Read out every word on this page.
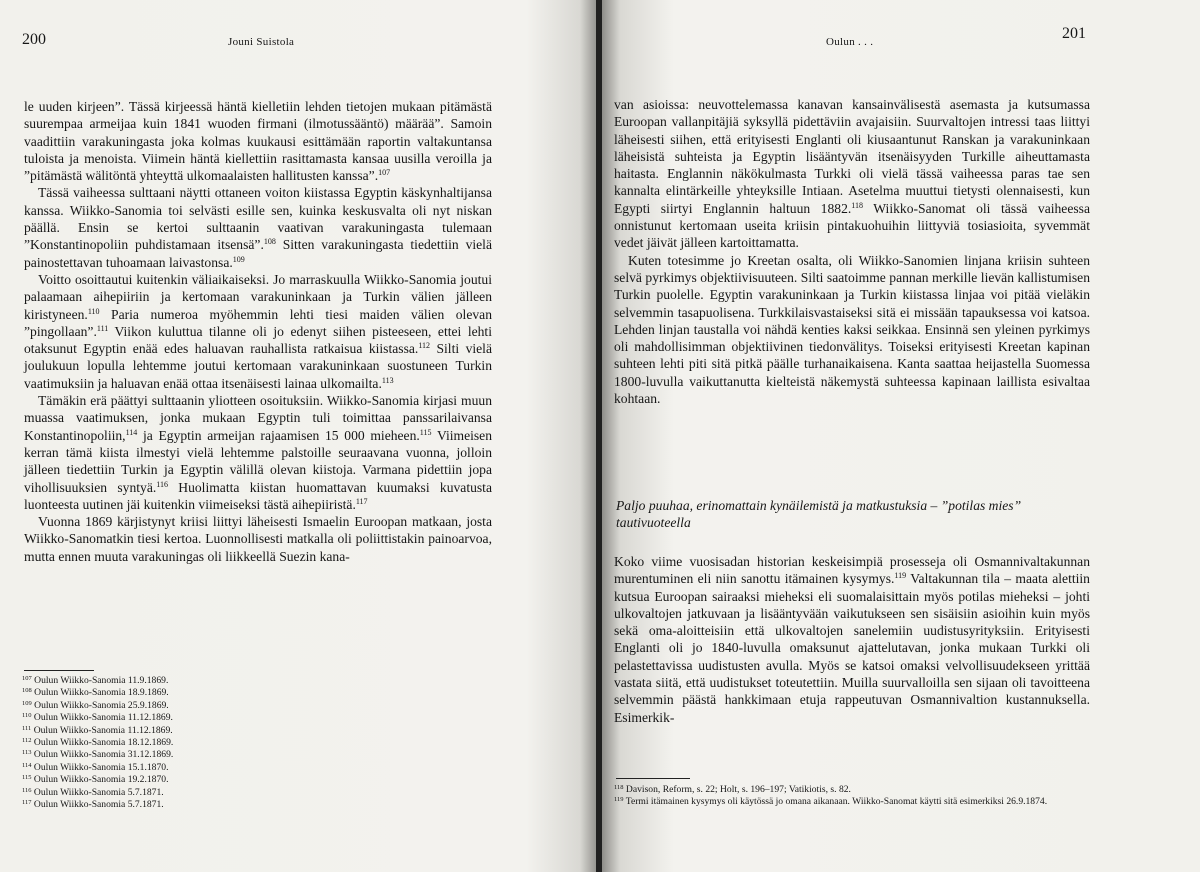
200	Jouni Suistola

le uuden kirjeen”. Tässä kirjeessä häntä kielletiin lehden tietojen mukaan pitämästä suurempaa armeijaa kuin 1841 wuoden firmani (ilmotussääntö) määrää”. Samoin vaadittiin varakuningasta joka kolmas kuukausi esittämään raportin valtakuntansa tuloista ja menoista. Viimein häntä kiellettiin rasittamasta kansaa uusilla veroilla ja ”pitämästä wälitöntä yhteyttä ulkomaalaisten hallitusten kanssa”.$^{107}$

Tässä vaiheessa sulttaani näytti ottaneen voiton kiistassa Egyptin käskynhaltijansa kanssa. Wiikko-Sanomia toi selvästi esille sen, kuinka keskusvalta oli nyt niskan päällä. Ensin se kertoi sulttaanin vaativan varakuningasta tulemaan ”Konstantinopoliin puhdistamaan itsensä”.$^{108}$ Sitten varakuningasta tiedettiin vielä painostettavan tuhoamaan laivastonsa.$^{109}$

Voitto osoittautui kuitenkin väliaikaiseksi. Jo marraskuulla Wiikko-Sanomia joutui palaamaan aihepiiriin ja kertomaan varakuninkaan ja Turkin välien jälleen kiristyneen.$^{110}$ Paria numeroa myöhemmin lehti tiesi maiden välien olevan ”pingollaan”.$^{111}$ Viikon kuluttua tilanne oli jo edenyt siihen pisteeseen, ettei lehti otaksunut Egyptin enää edes haluavan rauhallista ratkaisua kiistassa.$^{112}$ Silti vielä joulukuun lopulla lehtemme joutui kertomaan varakuninkaan suostuneen Turkin vaatimuksiin ja haluavan enää ottaa itsenäisesti lainaa ulkomailta.$^{113}$

Tämäkin erä päättyi sulttaanin yliotteen osoituksiin. Wiikko-Sanomia kirjasi muun muassa vaatimuksen, jonka mukaan Egyptin tuli toimittaa panssarilaivansa Konstantinopoliin,$^{114}$ ja Egyptin armeijan rajaamisen 15 000 mieheen.$^{115}$ Viimeisen kerran tämä kiista ilmestyi vielä lehtemme palstoille seuraavana vuonna, jolloin jälleen tiedettiin Turkin ja Egyptin välillä olevan kiistoja. Varmana pidettiin jopa vihollisuuksien syntyä.$^{116}$ Huolimatta kiistan huomattavan kuumaksi kuvatusta luonteesta uutinen jäi kuitenkin viimeiseksi tästä aihepiiristä.$^{117}$

Vuonna 1869 kärjistynyt kriisi liittyi läheisesti Ismaelin Euroopan matkaan, josta Wiikko-Sanomatkin tiesi kertoa. Luonnollisesti matkalla oli poliittistakin painoarvoa, mutta ennen muuta varakuningas oli liikkeellä Suezin kana-

$^{107}$ Oulun Wiikko-Sanomia 11.9.1869.
$^{108}$ Oulun Wiikko-Sanomia 18.9.1869.
$^{109}$ Oulun Wiikko-Sanomia 25.9.1869.
$^{110}$ Oulun Wiikko-Sanomia 11.12.1869.
$^{111}$ Oulun Wiikko-Sanomia 11.12.1869.
$^{112}$ Oulun Wiikko-Sanomia 18.12.1869.
$^{113}$ Oulun Wiikko-Sanomia 31.12.1869.
$^{114}$ Oulun Wiikko-Sanomia 15.1.1870.
$^{115}$ Oulun Wiikko-Sanomia 19.2.1870.
$^{116}$ Oulun Wiikko-Sanomia 5.7.1871.
$^{117}$ Oulun Wiikko-Sanomia 5.7.1871.
Oulun . . .	201

van asioissa: neuvottelemassa kanavan kansainvälisestä asemasta ja kutsumassa Euroopan vallanpitäjiä syksyllä pidettäviin avajaisiin. Suurvaltojen intressi taas liittyi läheisesti siihen, että erityisesti Englanti oli kiusaantunut Ranskan ja varakuninkaan läheisistä suhteista ja Egyptin lisääntyvän itsenäisyyden Turkille aiheuttamasta haitasta. Englannin näkökulmasta Turkki oli vielä tässä vaiheessa paras tae sen kannalta elintärkeille yhteyksille Intiaan. Asetelma muuttui tietysti olennaisesti, kun Egypti siirtyi Englannin haltuun 1882.$^{118}$ Wiikko-Sanomat oli tässä vaiheessa onnistunut kertomaan useita kriisin pintakuohuihin liittyviä tosiasioita, syvemmät vedet jäivät jälleen kartoittamatta.

Kuten totesimme jo Kreetan osalta, oli Wiikko-Sanomien linjana kriisin suhteen selvä pyrkimys objektiivisuuteen. Silti saatoimme pannan merkille lievän kallistumisen Turkin puolelle. Egyptin varakuninkaan ja Turkin kiistassa linjaa voi pitää vieläkin selvemmin tasapuolisena. Turkkilaisvastaiseksi sitä ei missään tapauksessa voi katsoa. Lehden linjan taustalla voi nähdä kenties kaksi seikkaa. Ensinnä sen yleinen pyrkimys oli mahdollisimman objektiivinen tiedonvälitys. Toiseksi erityisesti Kreetan kapinan suhteen lehti piti sitä pitkä päälle turhanaikaisena. Kanta saattaa heijastella Suomessa 1800-luvulla vaikuttanutta kielteistä näkemystä suhteessa kapinaan laillista esivaltaa kohtaan.

Paljo puuhaa, erinomattain kynäilemistä ja matkustuksia – ”potilas mies” tautivuoteella

Koko viime vuosisadan historian keskeisimpiä prosesseja oli Osmannivaltakunnan murentuminen eli niin sanottu itämainen kysymys.$^{119}$ Valtakunnan tila – maata alettiin kutsua Euroopan sairaaksi mieheksi eli suomalaisittain myös potilas mieheksi – johti ulkovaltojen jatkuvaan ja lisääntyvään vaikutukseen sen sisäisiin asioihin kuin myös sekä oma-aloitteisiin että ulkovaltojen sanelemiin uudistusyrityksiin. Erityisesti Englanti oli jo 1840-luvulla omaksunut ajattelutavan, jonka mukaan Turkki oli pelastettavissa uudistusten avulla. Myös se katsoi omaksi velvollisuudekseen yrittää vastata siitä, että uudistukset toteutettiin. Muilla suurvalloilla sen sijaan oli tavoitteena selvemmin päästä hankkimaan etuja rappeutuvan Osmannivaltion kustannuksella. Esimerkik-

$^{118}$ Davison, Reform, s. 22; Holt, s. 196–197; Vatikiotis, s. 82.
$^{119}$ Termi itämainen kysymys oli käytössä jo omana aikanaan. Wiikko-Sanomat käytti sitä esimerkiksi 26.9.1874.
